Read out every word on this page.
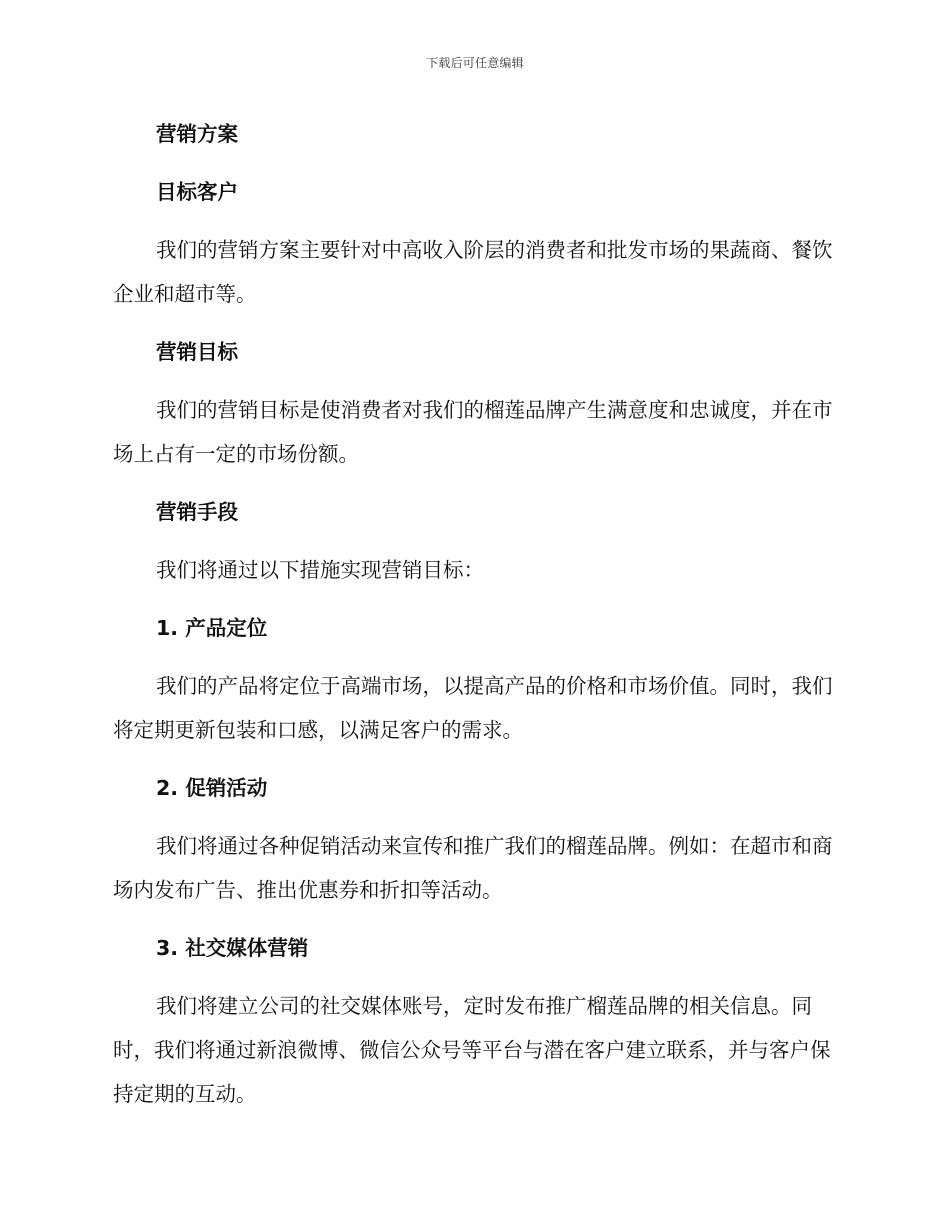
下载后可任意编辑
营销方案
目标客户
我们的营销方案主要针对中高收入阶层的消费者和批发市场的果蔬商、餐饮企业和超市等。
营销目标
我们的营销目标是使消费者对我们的榴莲品牌产生满意度和忠诚度，并在市场上占有一定的市场份额。
营销手段
我们将通过以下措施实现营销目标：
1. 产品定位
我们的产品将定位于高端市场，以提高产品的价格和市场价值。同时，我们将定期更新包装和口感，以满足客户的需求。
2. 促销活动
我们将通过各种促销活动来宣传和推广我们的榴莲品牌。例如：在超市和商场内发布广告、推出优惠券和折扣等活动。
3. 社交媒体营销
我们将建立公司的社交媒体账号，定时发布推广榴莲品牌的相关信息。同时，我们将通过新浪微博、微信公众号等平台与潜在客户建立联系，并与客户保持定期的互动。
